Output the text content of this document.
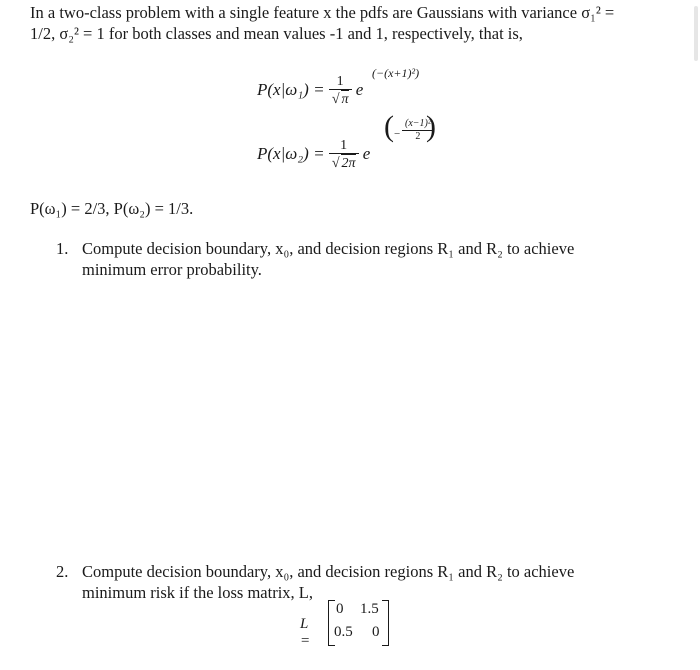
In a two-class problem with a single feature x the pdfs are Gaussians with variance σ₁² =

1/2, σ₂² = 1 for both classes and mean values -1 and 1, respectively, that is,

$P(x|\omega_1) = \frac{1}{√ \pi}$ e
(−(x+1)²)
$P(x|\omega_2) = \frac{1}{√ 2\pi}$ e
( − $\frac{\text{(x−1)²}}{2}$
)
P(ω₁) = 2/3, P(ω₂) = 1/3.
1. Compute decision boundary, x₀, and decision regions R₁ and R₂ to achieve
minimum error probability.
2. Compute decision boundary, x₀, and decision regions R₁ and R₂ to achieve
minimum risk if the loss matrix, L,
L =
0 1.5
0.5 0
